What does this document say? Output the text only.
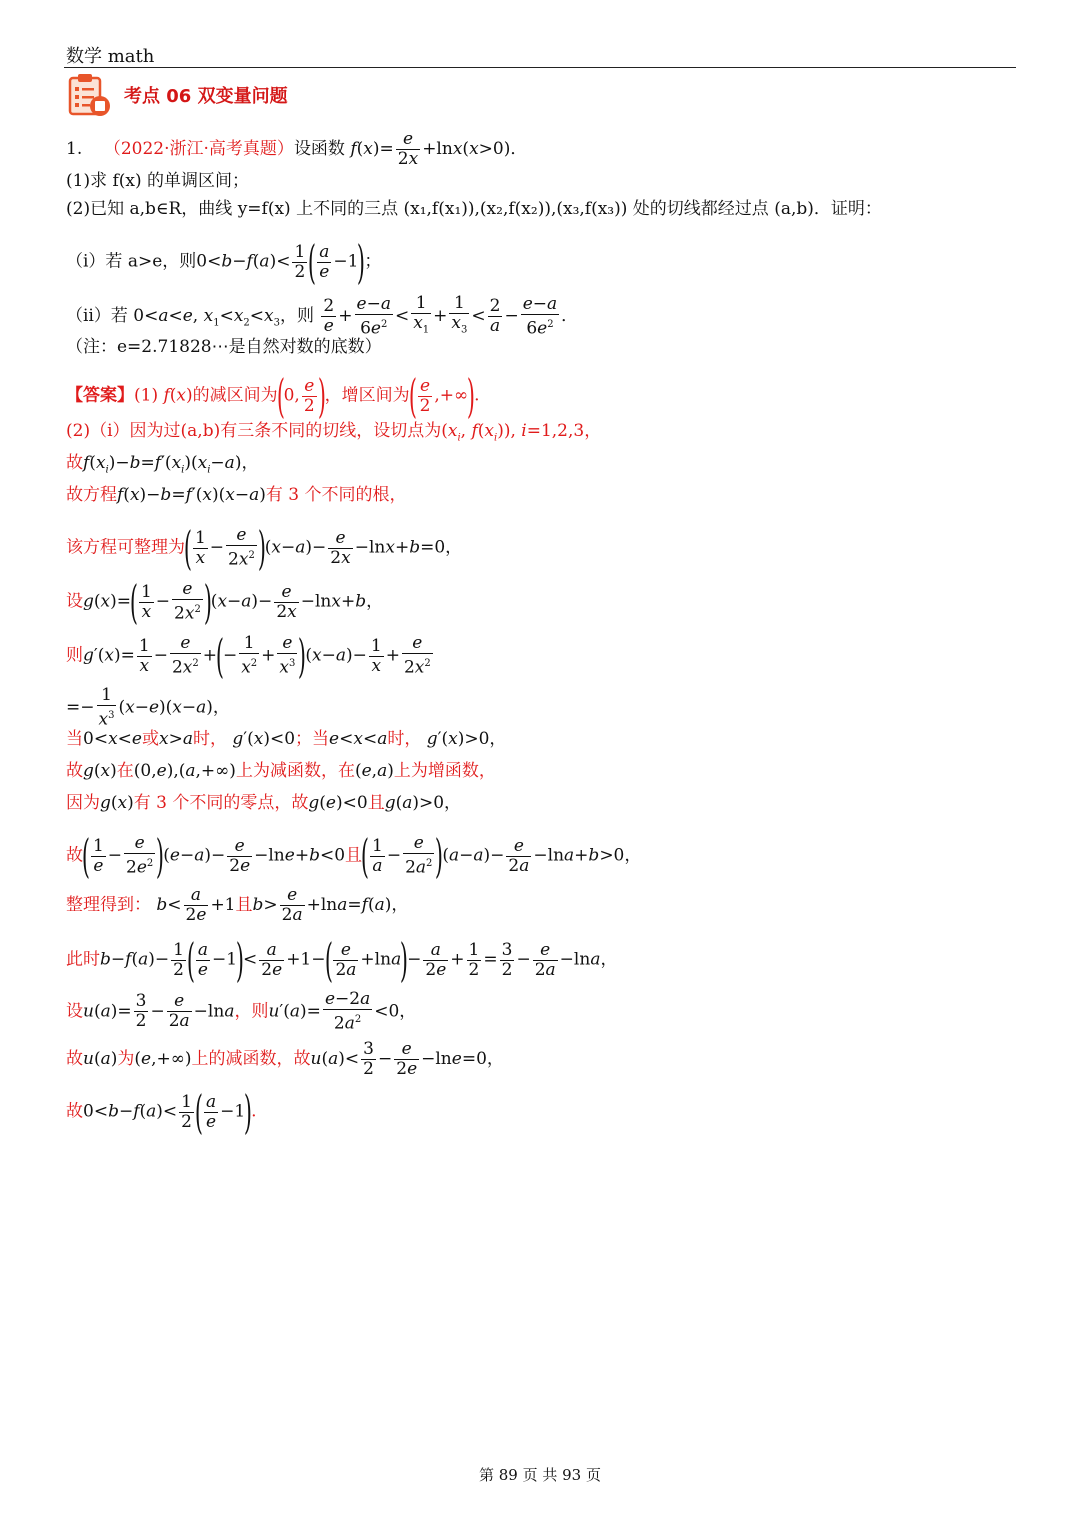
数学 math
考点 06 双变量问题
1. （2022·浙江·高考真题）设函数 $f(x)= \frac{e}{2x} +\ln x(x>0)$．
(1)求 f(x) 的单调区间；
(2)已知 a,b∈R，曲线 y=f(x) 上不同的三点 (x₁,f(x₁)),(x₂,f(x₂)),(x₃,f(x₃)) 处的切线都经过点 (a,b)．证明：
（ⅰ）若 a>e，则$0<b-f(a)< \frac{1}{2}$ ( $\frac{a}{e} -1$)；
（ⅱ）若 0<a<e, $x_1<x_2<x_3$，则 $\frac{2}{e} + \frac{e-a}{6e^2} < \frac{1}{x_1} + \frac{1}{x_3} < \frac{2}{a} - \frac{e-a}{6e^2}$ ．
（注：e=2.71828⋯是自然对数的底数）
【答案】(1) f(x)的减区间为(0, $\frac{e}{2}$ )，增区间为( $\frac{e}{2}$ ,+∞).
(2)（ⅰ）因为过(a,b)有三条不同的切线，设切点为($x_i$, $f(x_i)$), i=1,2,3，
故$f(x_i)-b=f'(x_i)(x_i-a)$，
故方程f(x)−b=f′(x)(x−a)有 3 个不同的根，
该方程可整理为( $\frac{1}{x} - \frac{e}{2x^2} )(x-a)- \frac{e}{2x} -\ln x+b=0$，
设$g(x)=( \frac{1}{x} - \frac{e}{2x^2} )(x-a)- \frac{e}{2x} -\ln x+b$，
则$g'(x)= \frac{1}{x} - \frac{e}{2x^2}$ +(− $\frac{1}{x^2} + \frac{e}{x^3} )(x-a)- \frac{1}{x} + \frac{e}{2x^2}$
=− $\frac{1}{x^3} (x-e)(x-a)$，
当0<x<e或x>a时， g′(x)<0；当e<x<a时， g′(x)>0，
故g(x)在(0,e),(a,+∞)上为减函数，在(e,a)上为增函数，
因为g(x)有 3 个不同的零点，故g(e)<0且g(a)>0，
故( $\frac{1}{e} - \frac{e}{2e^2} )(e-a)- \frac{e}{2e} -\ln e+b<0$且( $\frac{1}{a} - \frac{e}{2a^2} )(a-a)- \frac{e}{2a} -\ln a+b>0$，
整理得到： $b< \frac{a}{2e} +1$且$b> \frac{e}{2a} +\ln a=f(a)$，
此时$b-f(a)- \frac{1}{2}$ ( $\frac{a}{e} -1)< \frac{a}{2e} +1-( \frac{e}{2a} +\ln a)- \frac{a}{2e} + \frac{1}{2} = \frac{3}{2} - \frac{e}{2a} -\ln a$，
设$u(a)= \frac{3}{2} - \frac{e}{2a} -\ln a$，则$u'(a)= \frac{e-2a}{2a^2} <0$，
故u(a)为(e,+∞)上的减函数，故$u(a)< \frac{3}{2} - \frac{e}{2e} -\ln e=0$，
故$0<b-f(a)< \frac{1}{2}$ ( $\frac{a}{e} -1$).
第 89 页 共 93 页
